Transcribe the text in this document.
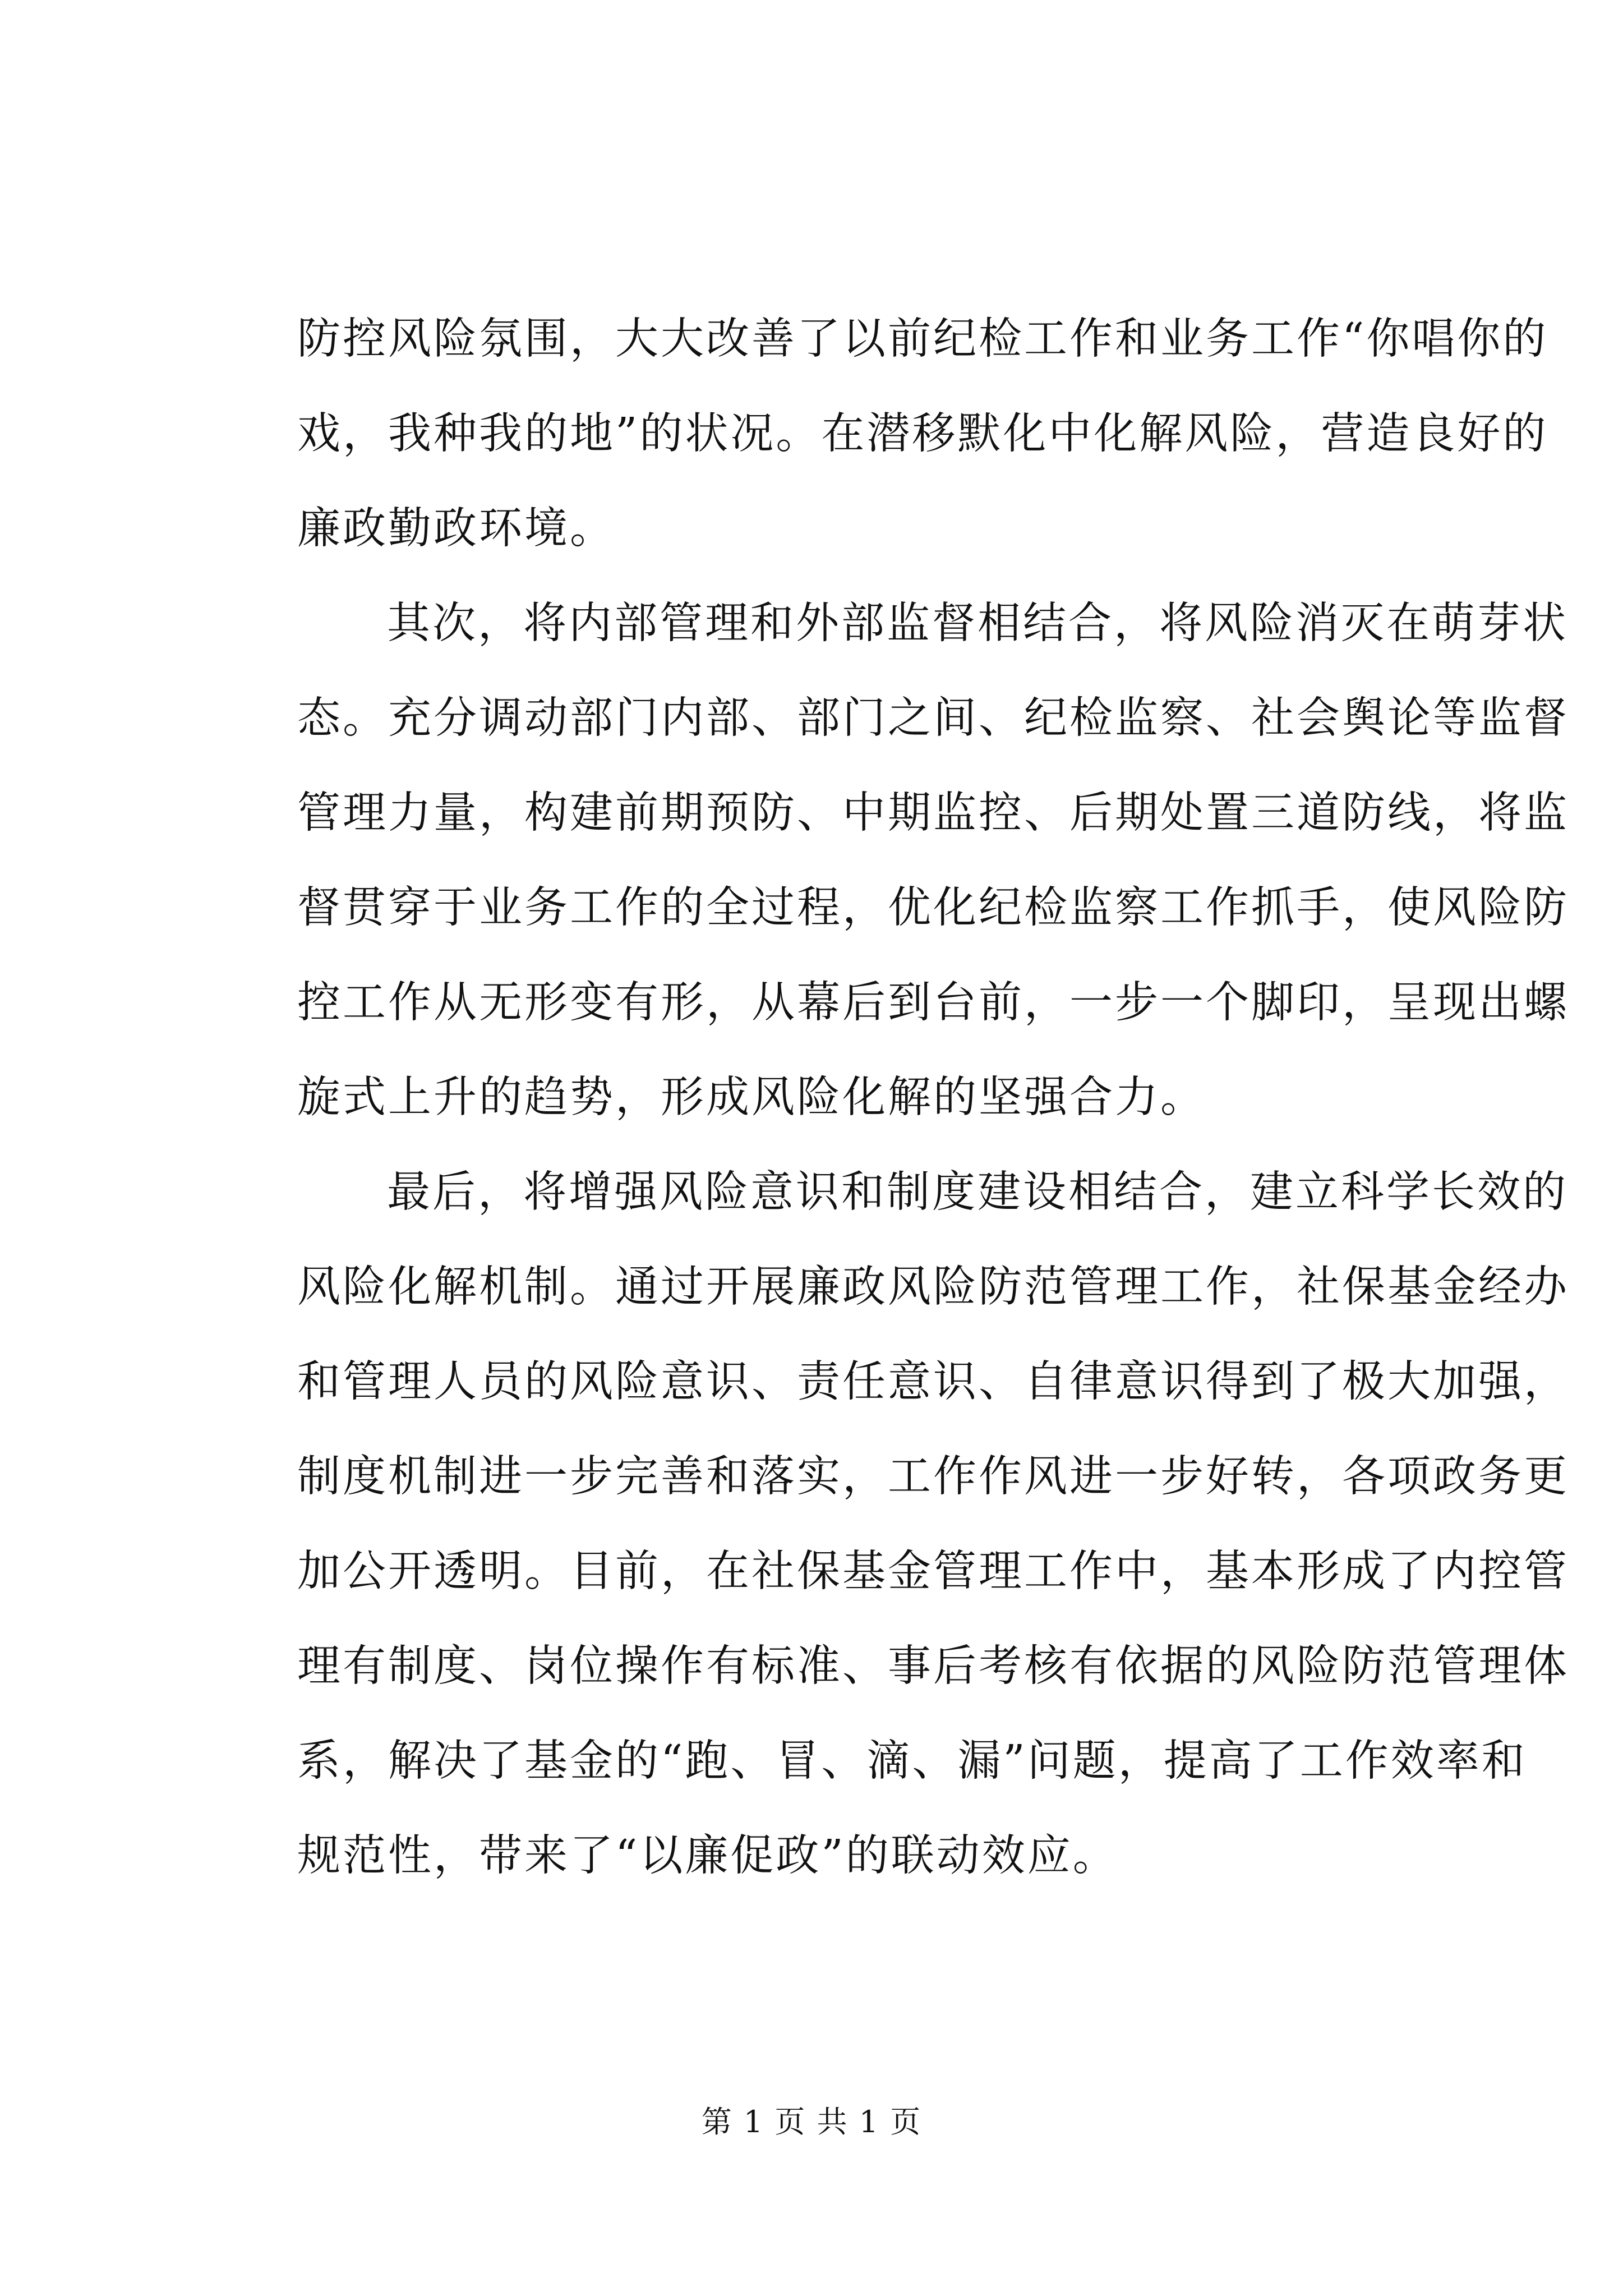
防控风险氛围，大大改善了以前纪检工作和业务工作“你唱你的
戏，我种我的地”的状况。在潜移默化中化解风险，营造良好的
廉政勤政环境。
其次，将内部管理和外部监督相结合，将风险消灭在萌芽状
态。充分调动部门内部、部门之间、纪检监察、社会舆论等监督
管理力量，构建前期预防、中期监控、后期处置三道防线，将监
督贯穿于业务工作的全过程，优化纪检监察工作抓手，使风险防
控工作从无形变有形，从幕后到台前，一步一个脚印，呈现出螺
旋式上升的趋势，形成风险化解的坚强合力。
最后，将增强风险意识和制度建设相结合，建立科学长效的
风险化解机制。通过开展廉政风险防范管理工作，社保基金经办
和管理人员的风险意识、责任意识、自律意识得到了极大加强，
制度机制进一步完善和落实，工作作风进一步好转，各项政务更
加公开透明。目前，在社保基金管理工作中，基本形成了内控管
理有制度、岗位操作有标准、事后考核有依据的风险防范管理体
系，解决了基金的“跑、冒、滴、漏”问题，提高了工作效率和
规范性，带来了“以廉促政”的联动效应。
第 1 页 共 1 页
